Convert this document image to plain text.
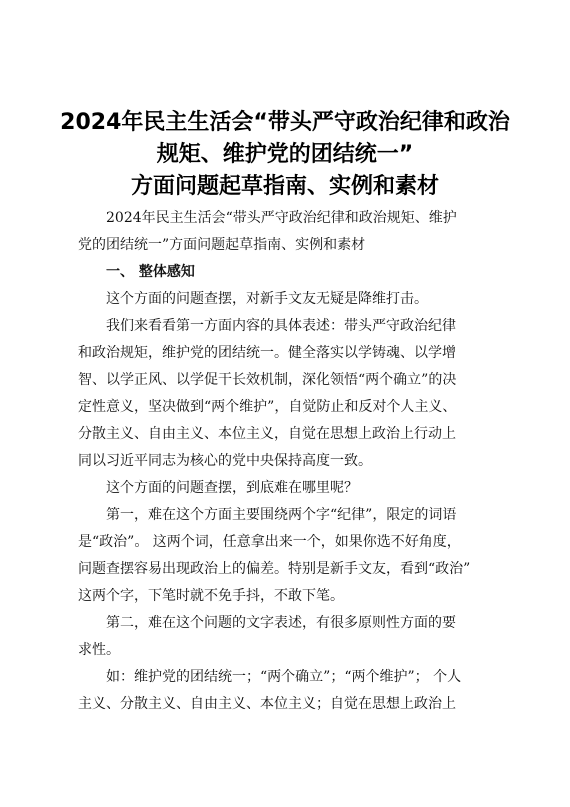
2024年民主生活会“带头严守政治纪律和政治
规矩、维护党的团结统一”
方面问题起草指南、实例和素材
2024年民主生活会“带头严守政治纪律和政治规矩、维护
党的团结统一”方面问题起草指南、实例和素材
一、 整体感知
这个方面的问题查摆，对新手文友无疑是降维打击。
我们来看看第一方面内容的具体表述：带头严守政治纪律
和政治规矩，维护党的团结统一。健全落实以学铸魂、以学增
智、以学正风、以学促干长效机制，深化领悟“两个确立”的决
定性意义，坚决做到“两个维护”，自觉防止和反对个人主义、
分散主义、自由主义、本位主义，自觉在思想上政治上行动上
同以习近平同志为核心的党中央保持高度一致。
这个方面的问题查摆，到底难在哪里呢？
第一，难在这个方面主要围绕两个字“纪律”，限定的词语
是“政治”。 这两个词，任意拿出来一个，如果你选不好角度，
问题查摆容易出现政治上的偏差。特别是新手文友，看到“政治”
这两个字，下笔时就不免手抖，不敢下笔。
第二，难在这个问题的文字表述，有很多原则性方面的要
求性。
如：维护党的团结统一；“两个确立”；“两个维护”； 个人
主义、分散主义、自由主义、本位主义；自觉在思想上政治上
